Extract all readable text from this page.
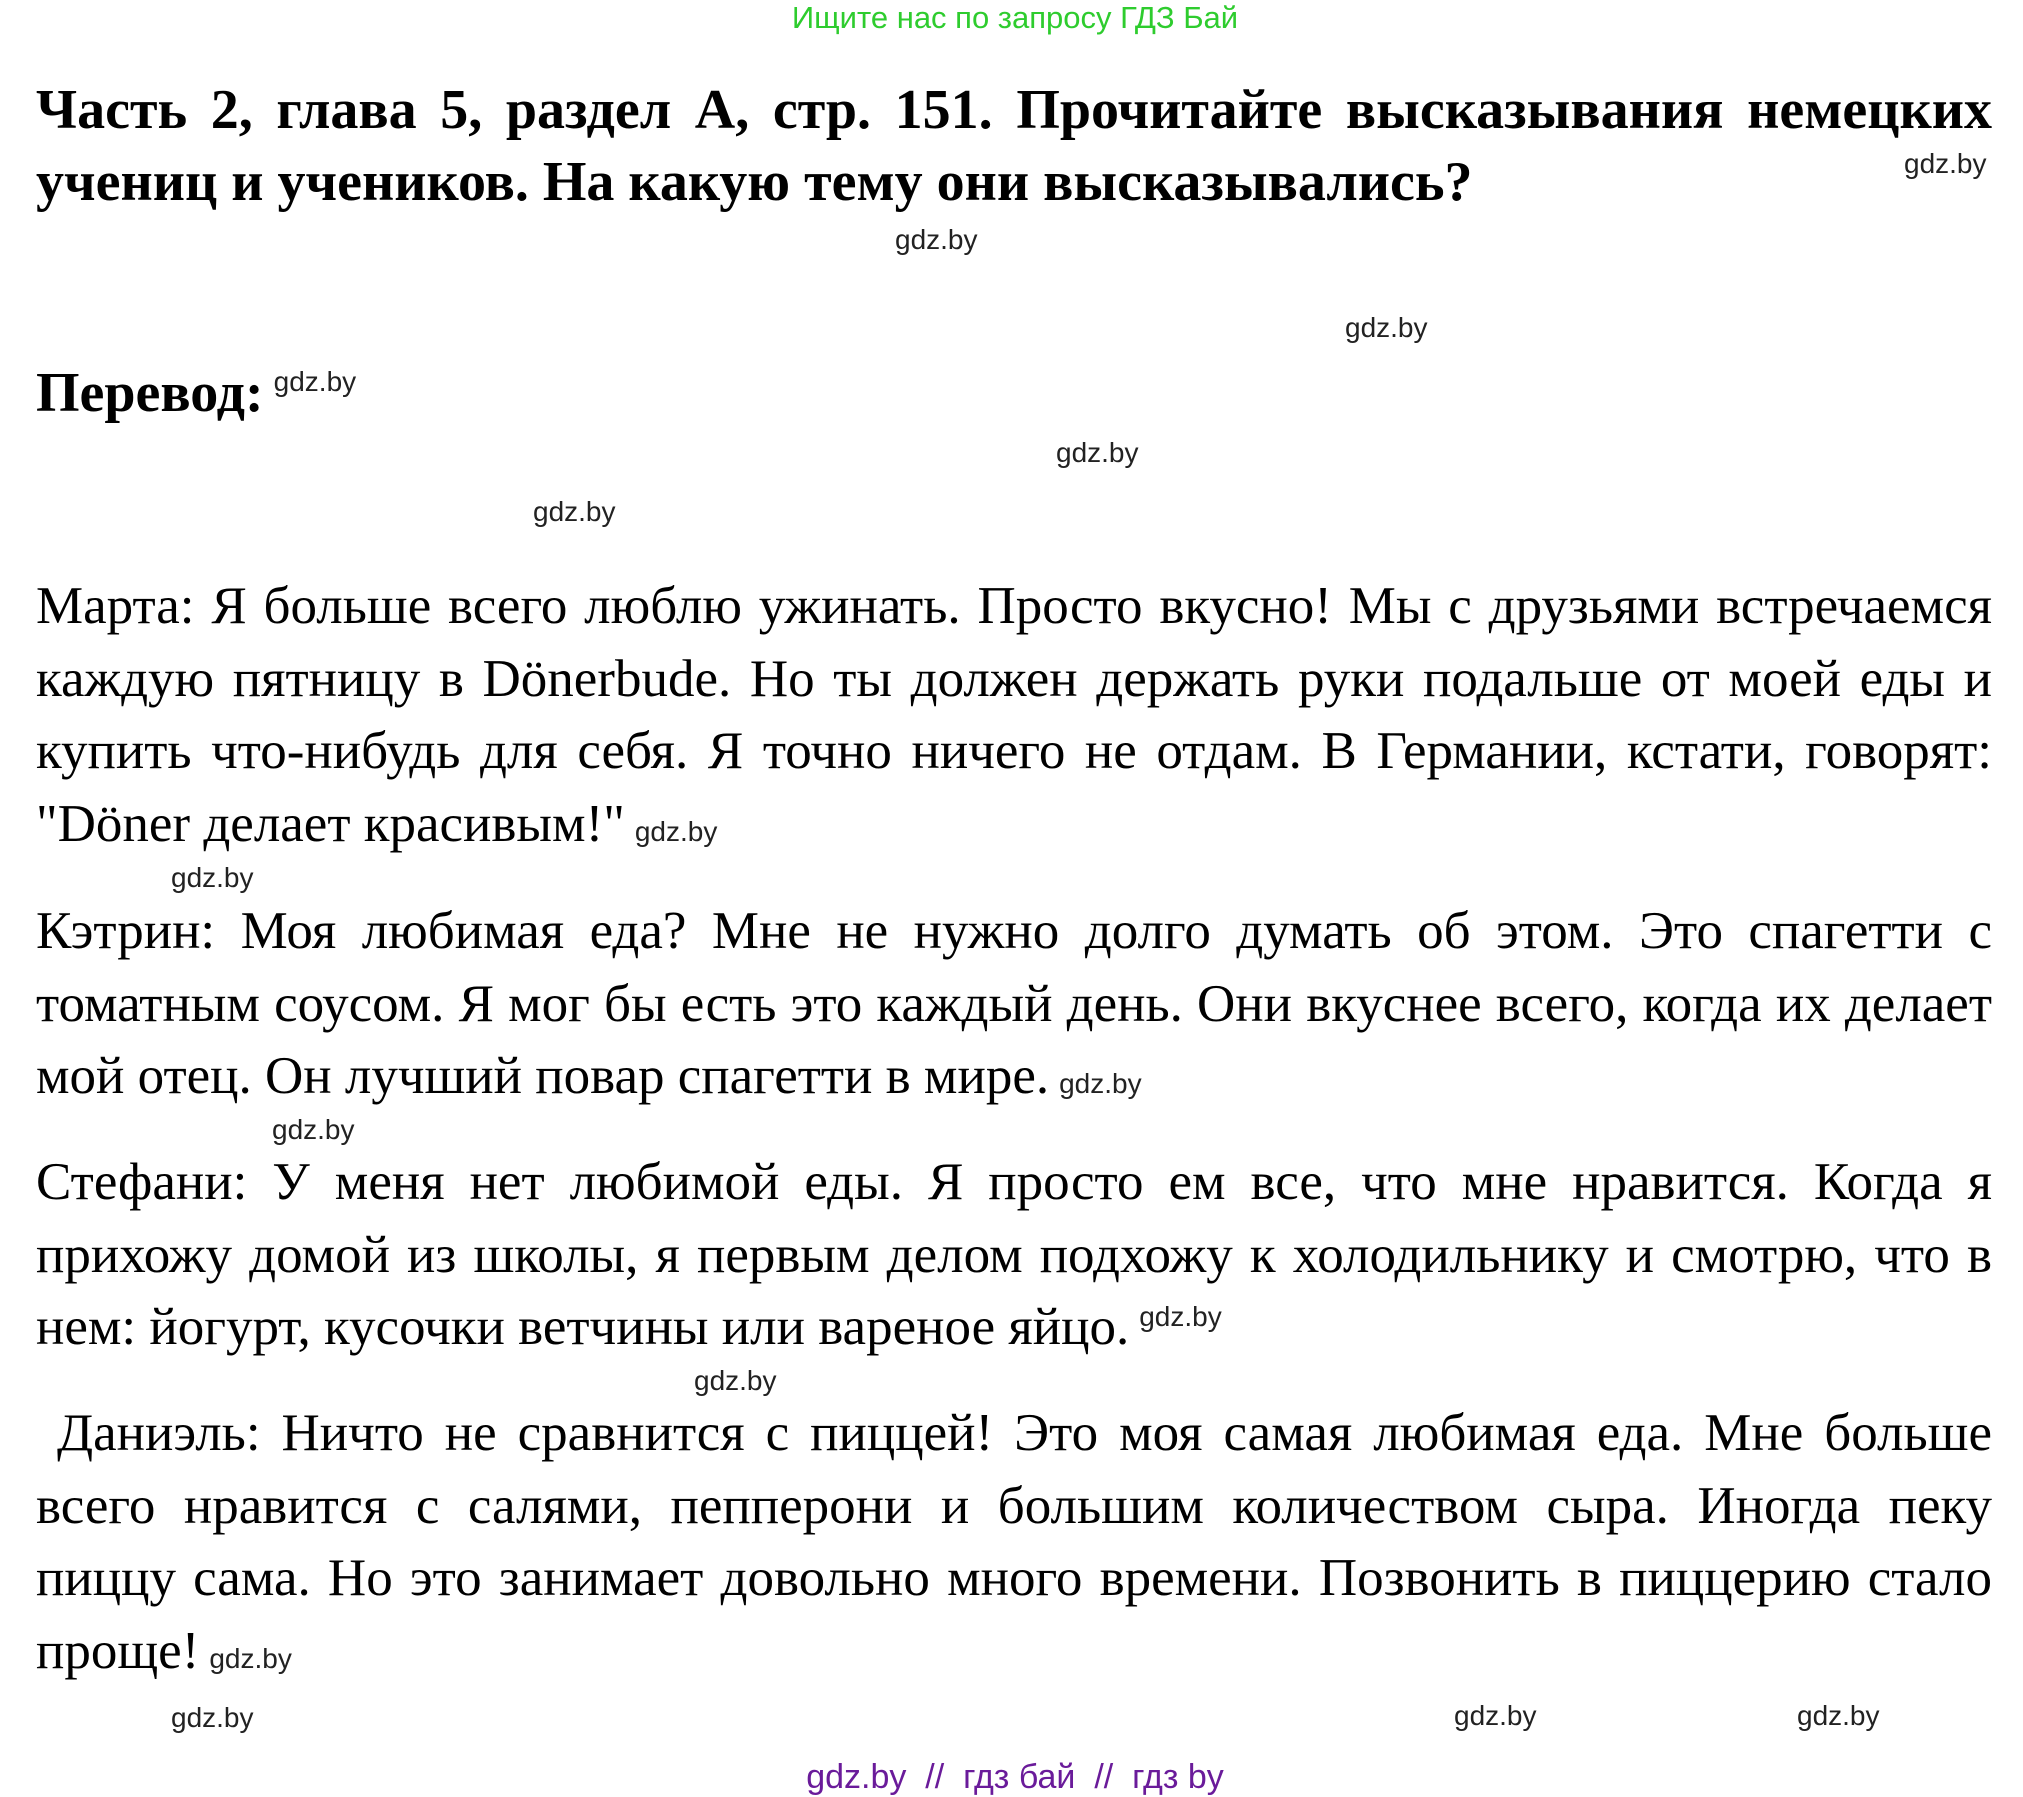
Ищите нас по запросу ГДЗ Бай
Часть 2, глава 5, раздел A, стр. 151. Прочитайте высказывания немецких учениц и учеников. На какую тему они высказывались?
Перевод: $^{gdz.by}$
Марта: Я больше всего люблю ужинать. Просто вкусно! Мы с друзьями встречаемся каждую пятницу в Dönerbude. Но ты должен держать руки подальше от моей еды и купить что-нибудь для себя. Я точно ничего не отдам. В Германии, кстати, говорят: "Döner делает красивым!" gdz.by
Кэтрин: Моя любимая еда? Мне не нужно долго думать об этом. Это спагетти с томатным соусом. Я мог бы есть это каждый день. Они вкуснее всего, когда их делает мой отец. Он лучший повар спагетти в мире. gdz.by
Стефани: У меня нет любимой еды. Я просто ем все, что мне нравится. Когда я прихожу домой из школы, я первым делом подхожу к холодильнику и смотрю, что в нем: йогурт, кусочки ветчины или вареное яйцо. $^{gdz.by}$
Даниэль: Ничто не сравнится с пиццей! Это моя самая любимая еда. Мне больше всего нравится с салями, пепперони и большим количеством сыра. Иногда пеку пиццу сама. Но это занимает довольно много времени. Позвонить в пиццерию стало проще! gdz.by
gdz.by
gdz.by
gdz.by
gdz.by
gdz.by
gdz.by
gdz.by
gdz.by
gdz.by	gdz.by	gdz.by
gdz.by  //  гдз бай  //  гдз by
